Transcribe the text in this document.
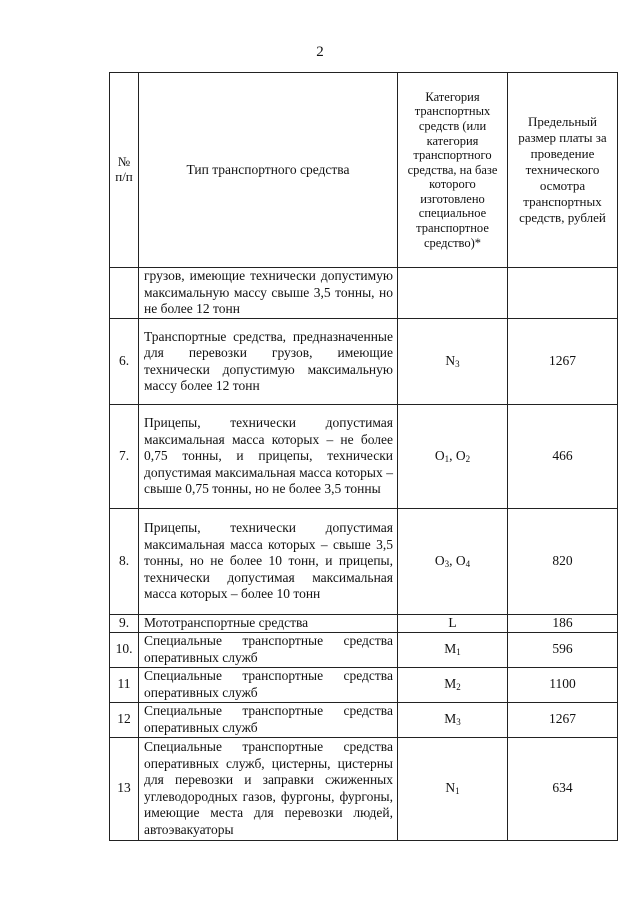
2
№ п/п	Тип транспортного средства	Категория транспортных средств (или категория транспортного средства, на базе которого изготовлено специальное транспортное средство)*	Предельный размер платы за проведение технического осмотра транспортных средств, рублей
	грузов, имеющие технически допустимую максимальную массу свыше 3,5 тонны, но не более 12 тонн		
6.	Транспортные средства, предназначенные для перевозки грузов, имеющие технически допустимую максимальную массу более 12 тонн	$N_3$	1267
7.	Прицепы, технически допустимая максимальная масса которых – не более 0,75 тонны, и прицепы, технически допустимая максимальная масса которых – свыше 0,75 тонны, но не более 3,5 тонны	$O_1$, $O_2$	466
8.	Прицепы, технически допустимая максимальная масса которых – свыше 3,5 тонны, но не более 10 тонн, и прицепы, технически допустимая максимальная масса которых – более 10 тонн	$O_3$, $O_4$	820
9.	Мототранспортные средства	L	186
10.	Специальные транспортные средства оперативных служб	$M_1$	596
11	Специальные транспортные средства оперативных служб	$M_2$	1100
12	Специальные транспортные средства оперативных служб	$M_3$	1267
13	Специальные транспортные средства оперативных служб, цистерны, цистерны для перевозки и заправки сжиженных углеводородных газов, фургоны, фургоны, имеющие места для перевозки людей, автоэвакуаторы	$N_1$	634
